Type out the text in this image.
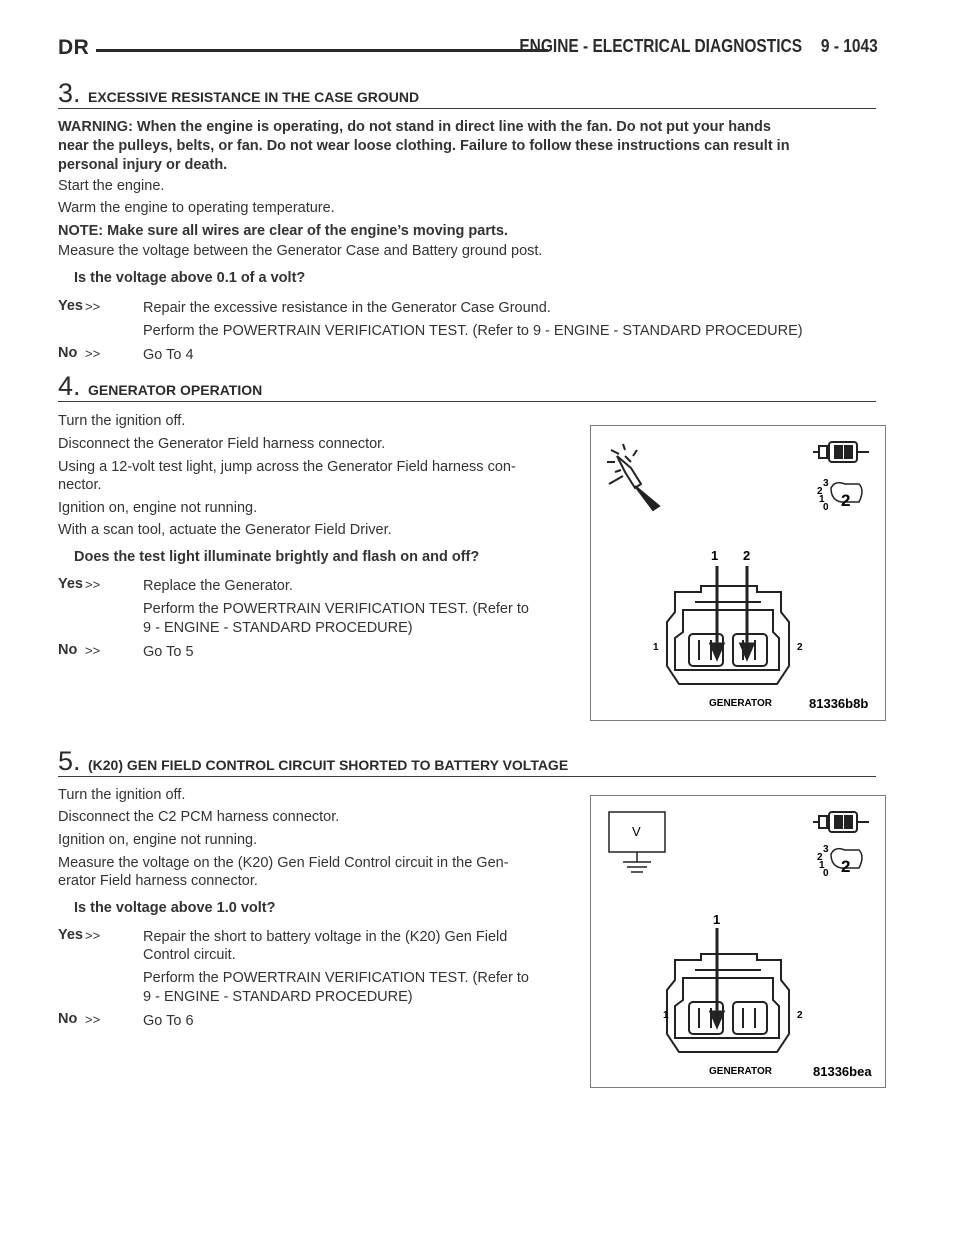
DR	ENGINE - ELECTRICAL DIAGNOSTICS 9 - 1043
3. EXCESSIVE RESISTANCE IN THE CASE GROUND
WARNING: When the engine is operating, do not stand in direct line with the fan. Do not put your hands
near the pulleys, belts, or fan. Do not wear loose clothing. Failure to follow these instructions can result in
personal injury or death.
Start the engine.
Warm the engine to operating temperature.
NOTE: Make sure all wires are clear of the engine’s moving parts.
Measure the voltage between the Generator Case and Battery ground post.
Is the voltage above 0.1 of a volt?
Yes >>	Repair the excessive resistance in the Generator Case Ground.
Perform the POWERTRAIN VERIFICATION TEST. (Refer to 9 - ENGINE - STANDARD PROCEDURE)
No >>	Go To 4
4. GENERATOR OPERATION
Turn the ignition off.
Disconnect the Generator Field harness connector.
Using a 12-volt test light, jump across the Generator Field harness con-
nector.
Ignition on, engine not running.
With a scan tool, actuate the Generator Field Driver.
Does the test light illuminate brightly and flash on and off?
Yes >>	Replace the Generator.
Perform the POWERTRAIN VERIFICATION TEST. (Refer to
9 - ENGINE - STANDARD PROCEDURE)
No >>	Go To 5
3
2
1
0 2
1 2
1	2
GENERATOR	81336b8b
5. (K20) GEN FIELD CONTROL CIRCUIT SHORTED TO BATTERY VOLTAGE
Turn the ignition off.
Disconnect the C2 PCM harness connector.
Ignition on, engine not running.
Measure the voltage on the (K20) Gen Field Control circuit in the Gen-
erator Field harness connector.
Is the voltage above 1.0 volt?
Yes >>	Repair the short to battery voltage in the (K20) Gen Field
Control circuit.
Perform the POWERTRAIN VERIFICATION TEST. (Refer to
9 - ENGINE - STANDARD PROCEDURE)
No >>	Go To 6
V
3
2
1
0 2
1
1	2
GENERATOR	81336bea
